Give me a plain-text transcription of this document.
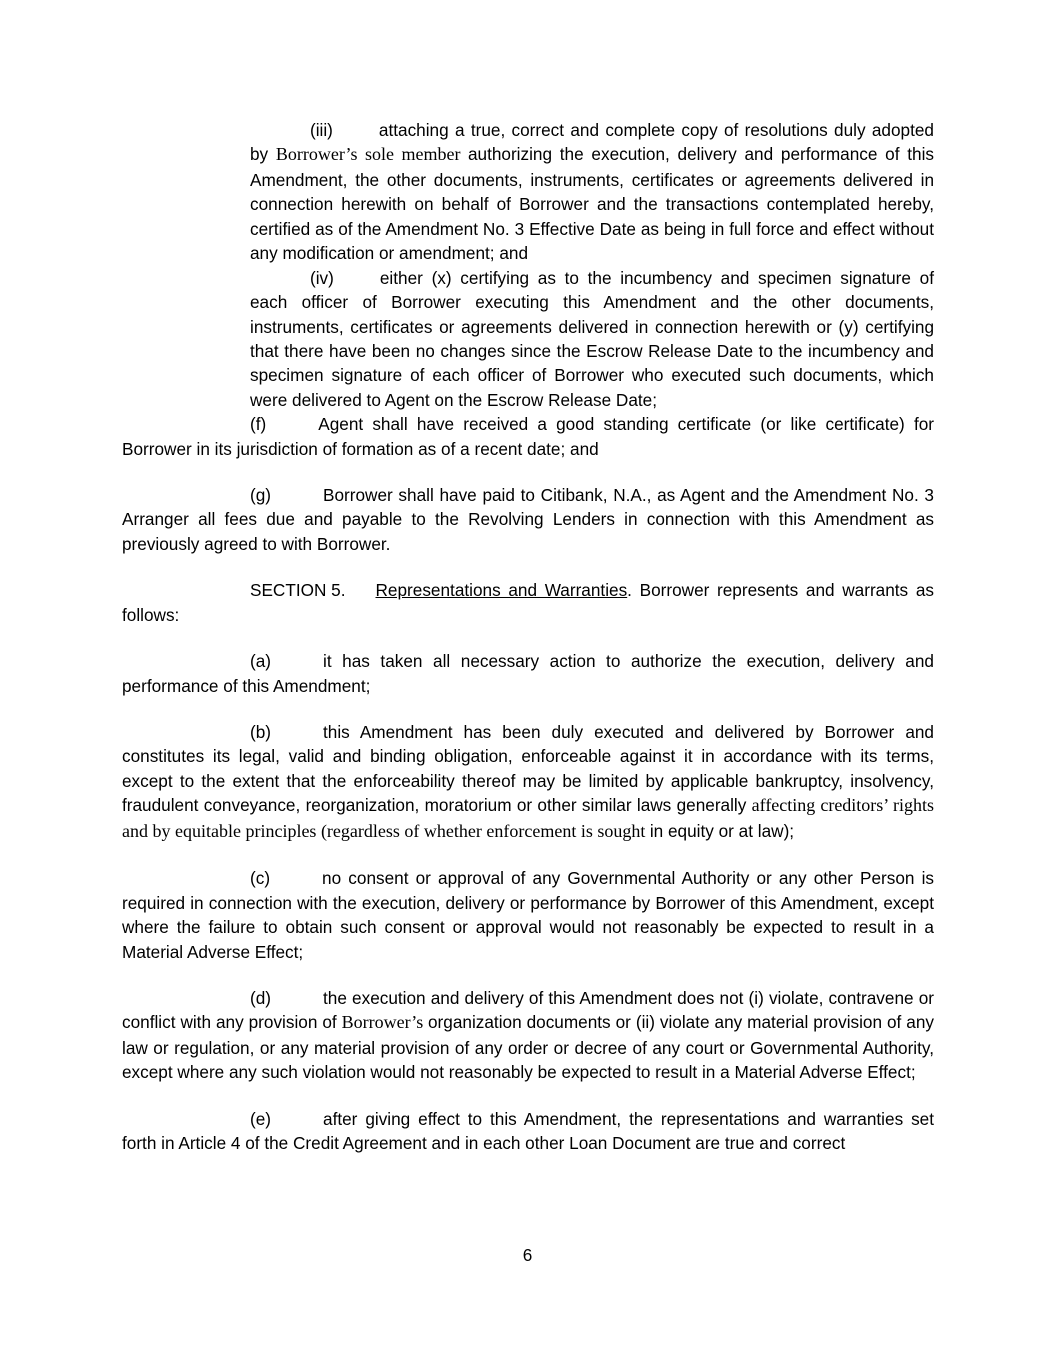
(iii)	attaching a true, correct and complete copy of resolutions duly adopted by Borrower’s sole member authorizing the execution, delivery and performance of this Amendment, the other documents, instruments, certificates or agreements delivered in connection herewith on behalf of Borrower and the transactions contemplated hereby, certified as of the Amendment No. 3 Effective Date as being in full force and effect without any modification or amendment; and

(iv)	either (x) certifying as to the incumbency and specimen signature of each officer of Borrower executing this Amendment and the other documents, instruments, certificates or agreements delivered in connection herewith or (y) certifying that there have been no changes since the Escrow Release Date to the incumbency and specimen signature of each officer of Borrower who executed such documents, which were delivered to Agent on the Escrow Release Date;

(f)	Agent shall have received a good standing certificate (or like certificate) for Borrower in its jurisdiction of formation as of a recent date; and

(g)	Borrower shall have paid to Citibank, N.A., as Agent and the Amendment No. 3 Arranger all fees due and payable to the Revolving Lenders in connection with this Amendment as previously agreed to with Borrower.

SECTION 5. Representations and Warranties. Borrower represents and warrants as follows:

(a)	it has taken all necessary action to authorize the execution, delivery and performance of this Amendment;

(b)	this Amendment has been duly executed and delivered by Borrower and constitutes its legal, valid and binding obligation, enforceable against it in accordance with its terms, except to the extent that the enforceability thereof may be limited by applicable bankruptcy, insolvency, fraudulent conveyance, reorganization, moratorium or other similar laws generally affecting creditors’ rights and by equitable principles (regardless of whether enforcement is sought in equity or at law);

(c)	no consent or approval of any Governmental Authority or any other Person is required in connection with the execution, delivery or performance by Borrower of this Amendment, except where the failure to obtain such consent or approval would not reasonably be expected to result in a Material Adverse Effect;

(d)	the execution and delivery of this Amendment does not (i) violate, contravene or conflict with any provision of Borrower’s organization documents or (ii) violate any material provision of any law or regulation, or any material provision of any order or decree of any court or Governmental Authority, except where any such violation would not reasonably be expected to result in a Material Adverse Effect;

(e)	after giving effect to this Amendment, the representations and warranties set forth in Article 4 of the Credit Agreement and in each other Loan Document are true and correct

6
